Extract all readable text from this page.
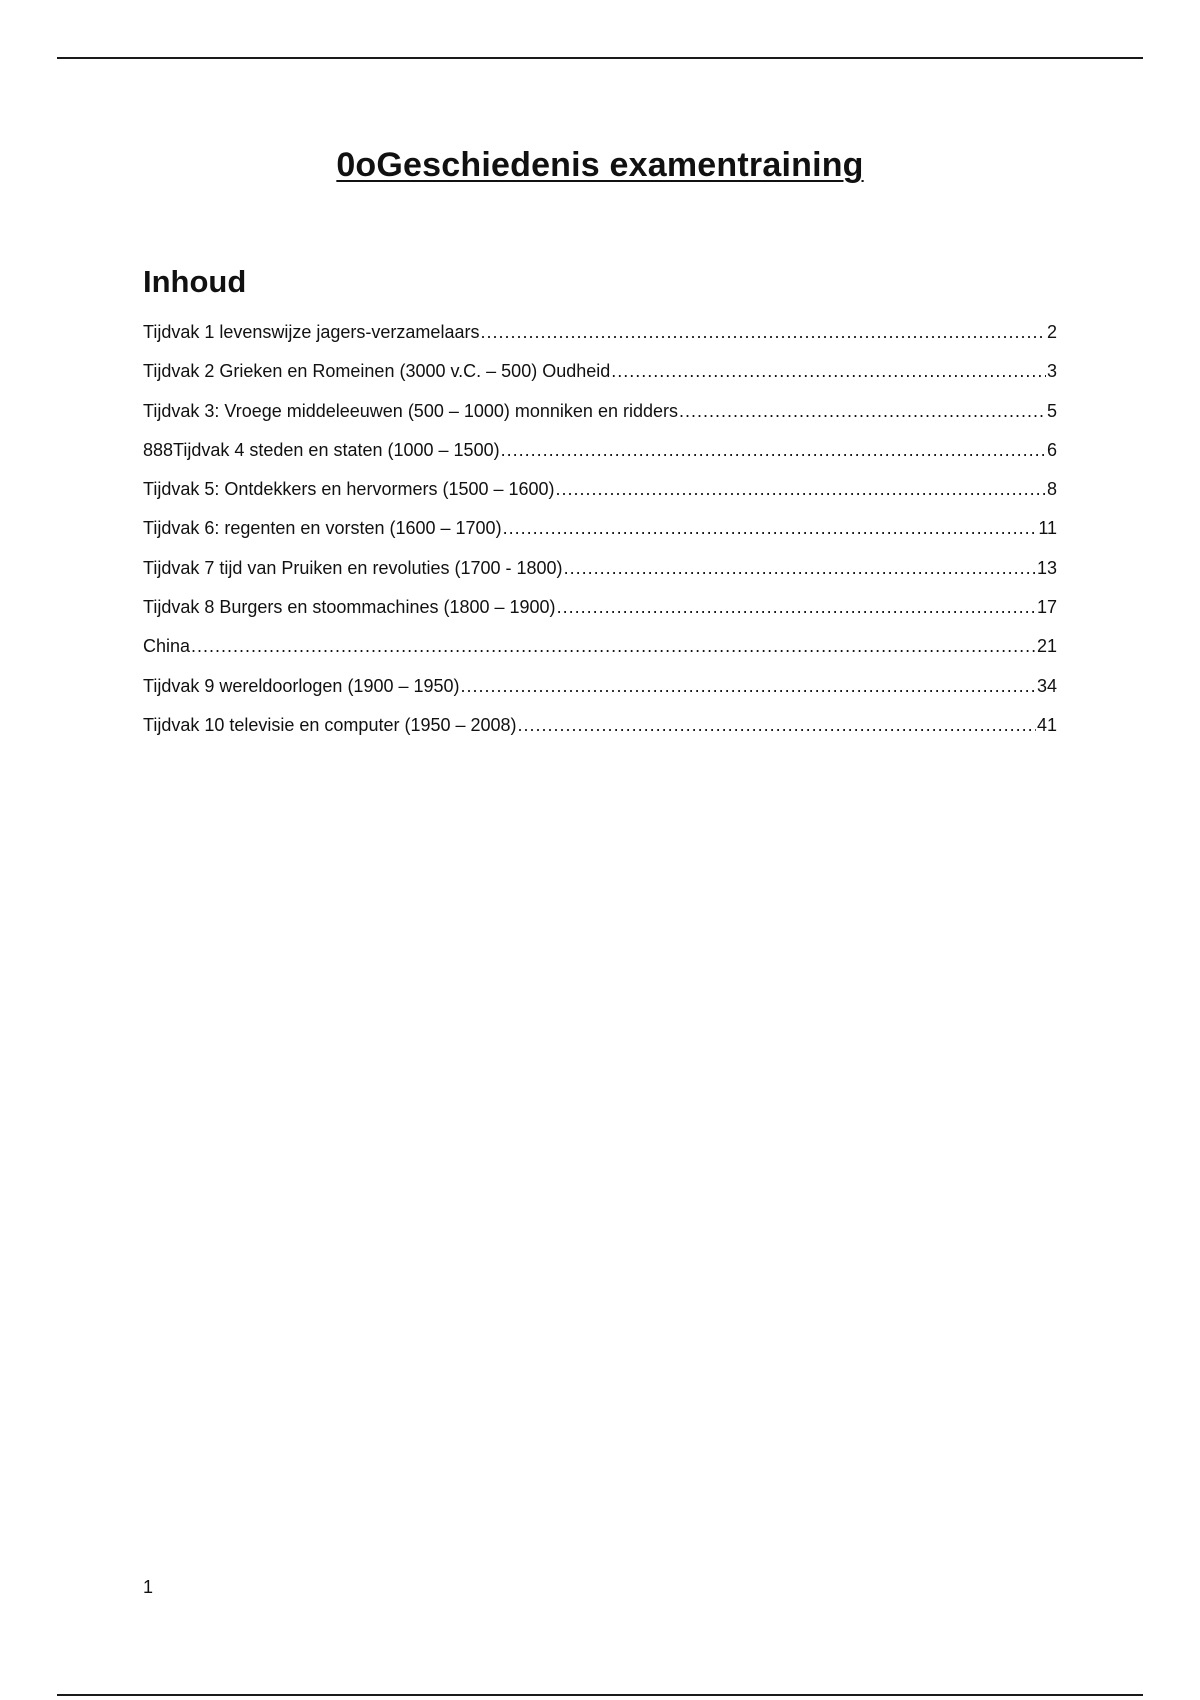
0oGeschiedenis examentraining
Inhoud
Tijdvak 1 levenswijze jagers-verzamelaars .....	2
Tijdvak 2 Grieken en Romeinen (3000 v.C. – 500) Oudheid .....	3
Tijdvak 3: Vroege middeleeuwen (500 – 1000) monniken en ridders .....	5
888Tijdvak 4 steden en staten (1000 – 1500) .....	6
Tijdvak 5: Ontdekkers en hervormers (1500 – 1600) .....	8
Tijdvak 6: regenten en vorsten (1600 – 1700) .....	11
Tijdvak 7 tijd van Pruiken en revoluties (1700 - 1800) .....	13
Tijdvak 8 Burgers en stoommachines (1800 – 1900) .....	17
China .....	21
Tijdvak 9 wereldoorlogen (1900 – 1950) .....	34
Tijdvak 10 televisie en computer (1950 – 2008) .....	41
1
